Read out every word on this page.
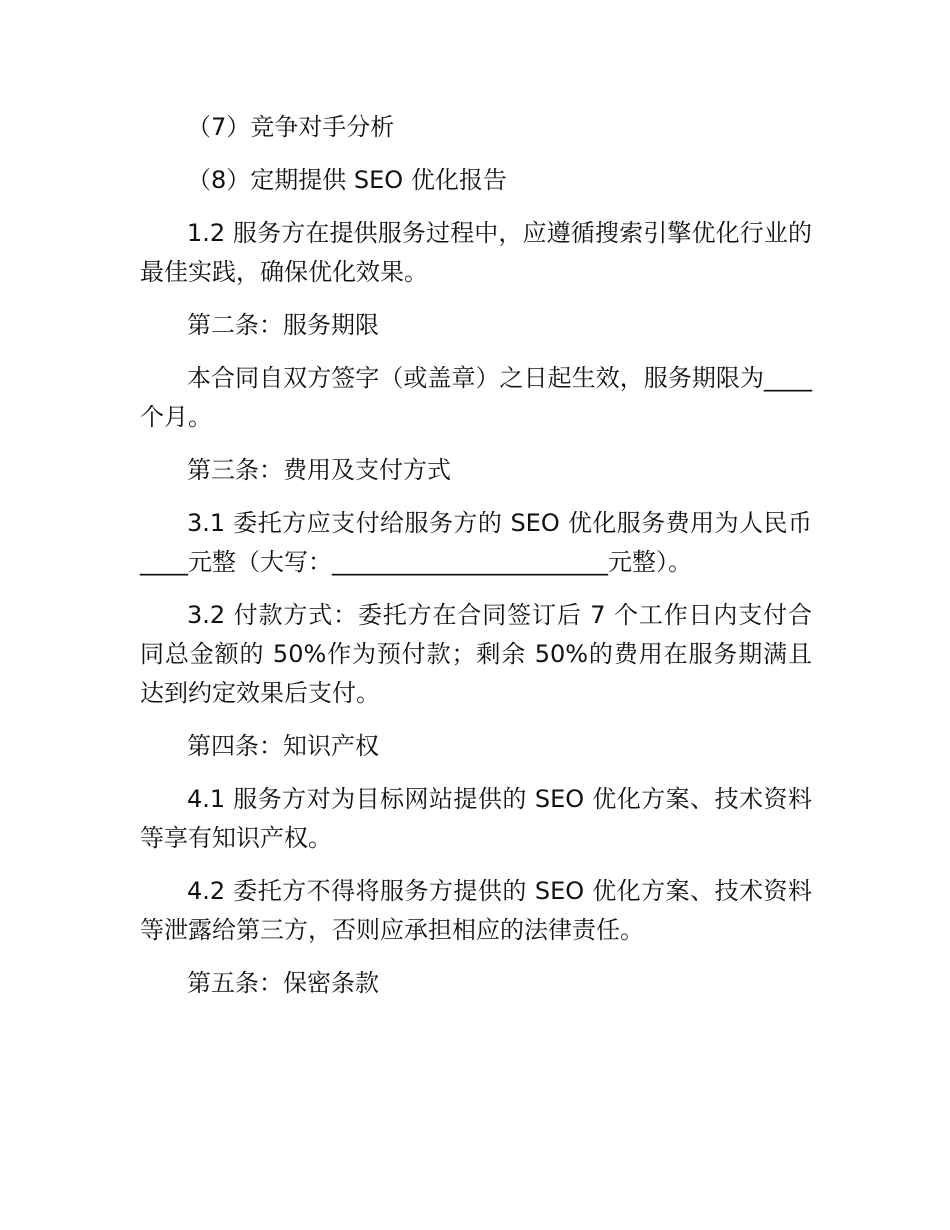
（7）竞争对手分析

（8）定期提供 SEO 优化报告

1.2 服务方在提供服务过程中，应遵循搜索引擎优化行业的最佳实践，确保优化效果。

第二条：服务期限

本合同自双方签字（或盖章）之日起生效，服务期限为____个月。

第三条：费用及支付方式

3.1 委托方应支付给服务方的 SEO 优化服务费用为人民币____元整（大写：_______________________元整）。

3.2 付款方式：委托方在合同签订后 7 个工作日内支付合同总金额的 50%作为预付款；剩余 50%的费用在服务期满且达到约定效果后支付。

第四条：知识产权

4.1 服务方对为目标网站提供的 SEO 优化方案、技术资料等享有知识产权。

4.2 委托方不得将服务方提供的 SEO 优化方案、技术资料等泄露给第三方，否则应承担相应的法律责任。

第五条：保密条款
